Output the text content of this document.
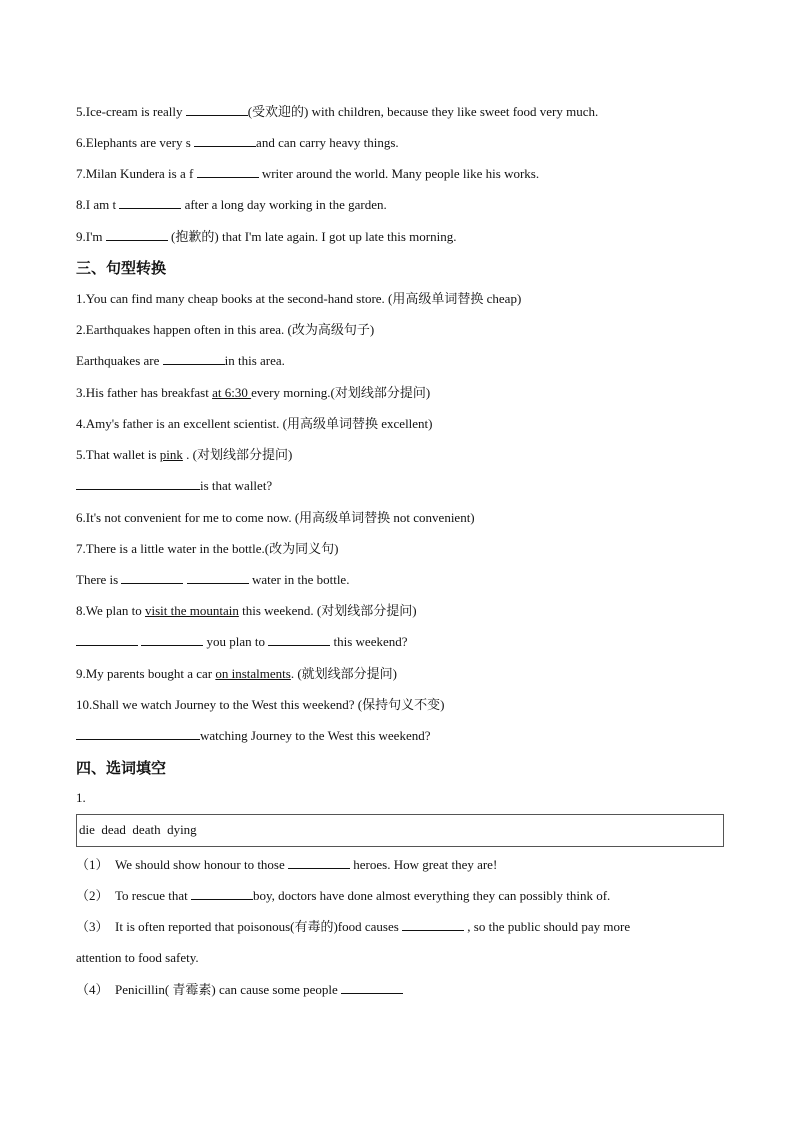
5.Ice-cream is really	(受欢迎的) with children, because they like sweet food very much.
6.Elephants are very s	and can carry heavy things.
7.Milan Kundera is a f	writer around the world. Many people like his works.
8.I am t	after a long day working in the garden.
9.I'm	(抱歉的) that I'm late again. I got up late this morning.
三、句型转换
1.You can find many cheap books at the second-hand store. (用高级单词替换 cheap)
2.Earthquakes happen often in this area. (改为高级句子)
Earthquakes are	in this area.
3.His father has breakfast at 6:30 every morning.(对划线部分提问)
4.Amy's father is an excellent scientist. (用高级单词替换 excellent)
5.That wallet is pink . (对划线部分提问)
is that wallet?
6.It's not convenient for me to come now. (用高级单词替换 not convenient)
7.There is a little water in the bottle.(改为同义句)
There is	water in the bottle.
8.We plan to visit the mountain this weekend. (对划线部分提问)
you plan to	this weekend?
9.My parents bought a car on instalments. (就划线部分提问)
10.Shall we watch Journey to the West this weekend? (保持句义不变)
watching Journey to the West this weekend?
四、选词填空
1.
die  dead  death  dying
（1） We should show honour to those	heroes. How great they are!
（2） To rescue that	boy, doctors have done almost everything they can possibly think of.
（3） It is often reported that poisonous(有毒的)food causes	, so the public should pay more
attention to food safety.
（4） Penicillin( 青霉素) can cause some people
